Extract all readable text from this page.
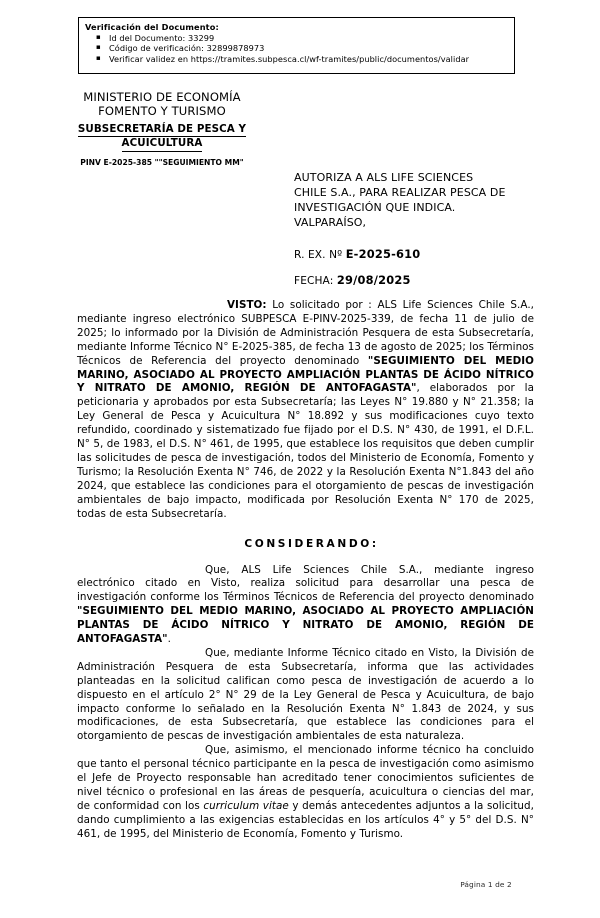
Verificación del Documento:
▪ Id del Documento: 33299
▪ Código de verificación: 32899878973
▪ Verificar validez en https://tramites.subpesca.cl/wf-tramites/public/documentos/validar
MINISTERIO DE ECONOMÍA
FOMENTO Y TURISMO
SUBSECRETARÍA DE PESCA Y
ACUICULTURA
PINV E-2025-385 ""SEGUIMIENTO MM"
AUTORIZA A ALS LIFE SCIENCES
CHILE S.A., PARA REALIZAR PESCA DE
INVESTIGACIÓN QUE INDICA.
VALPARAÍSO,
R. EX. Nº E-2025-610
FECHA: 29/08/2025

VISTO: Lo solicitado por : ALS Life Sciences Chile S.A., mediante ingreso electrónico SUBPESCA E-PINV-2025-339, de fecha 11 de julio de 2025; lo informado por la División de Administración Pesquera de esta Subsecretaría, mediante Informe Técnico N° E-2025-385, de fecha 13 de agosto de 2025; los Términos Técnicos de Referencia del proyecto denominado "SEGUIMIENTO DEL MEDIO MARINO, ASOCIADO AL PROYECTO AMPLIACIÓN PLANTAS DE ÁCIDO NÍTRICO Y NITRATO DE AMONIO, REGIÓN DE ANTOFAGASTA", elaborados por la peticionaria y aprobados por esta Subsecretaría; las Leyes N° 19.880 y N° 21.358; la Ley General de Pesca y Acuicultura N° 18.892 y sus modificaciones cuyo texto refundido, coordinado y sistematizado fue fijado por el D.S. N° 430, de 1991, el D.F.L. N° 5, de 1983, el D.S. N° 461, de 1995, que establece los requisitos que deben cumplir las solicitudes de pesca de investigación, todos del Ministerio de Economía, Fomento y Turismo; la Resolución Exenta N° 746, de 2022 y la Resolución Exenta N°1.843 del año 2024, que establece las condiciones para el otorgamiento de pescas de investigación ambientales de bajo impacto, modificada por Resolución Exenta N° 170 de 2025, todas de esta Subsecretaría.

CONSIDERANDO:

Que, ALS Life Sciences Chile S.A., mediante ingreso electrónico citado en Visto, realiza solicitud para desarrollar una pesca de investigación conforme los Términos Técnicos de Referencia del proyecto denominado "SEGUIMIENTO DEL MEDIO MARINO, ASOCIADO AL PROYECTO AMPLIACIÓN PLANTAS DE ÁCIDO NÍTRICO Y NITRATO DE AMONIO, REGIÓN DE ANTOFAGASTA".

Que, mediante Informe Técnico citado en Visto, la División de Administración Pesquera de esta Subsecretaría, informa que las actividades planteadas en la solicitud califican como pesca de investigación de acuerdo a lo dispuesto en el artículo 2° N° 29 de la Ley General de Pesca y Acuicultura, de bajo impacto conforme lo señalado en la Resolución Exenta N° 1.843 de 2024, y sus modificaciones, de esta Subsecretaría, que establece las condiciones para el otorgamiento de pescas de investigación ambientales de esta naturaleza.

Que, asimismo, el mencionado informe técnico ha concluido que tanto el personal técnico participante en la pesca de investigación como asimismo el Jefe de Proyecto responsable han acreditado tener conocimientos suficientes de nivel técnico o profesional en las áreas de pesquería, acuicultura o ciencias del mar, de conformidad con los curriculum vitae y demás antecedentes adjuntos a la solicitud, dando cumplimiento a las exigencias establecidas en los artículos 4° y 5° del D.S. N° 461, de 1995, del Ministerio de Economía, Fomento y Turismo.

Página 1 de 2
